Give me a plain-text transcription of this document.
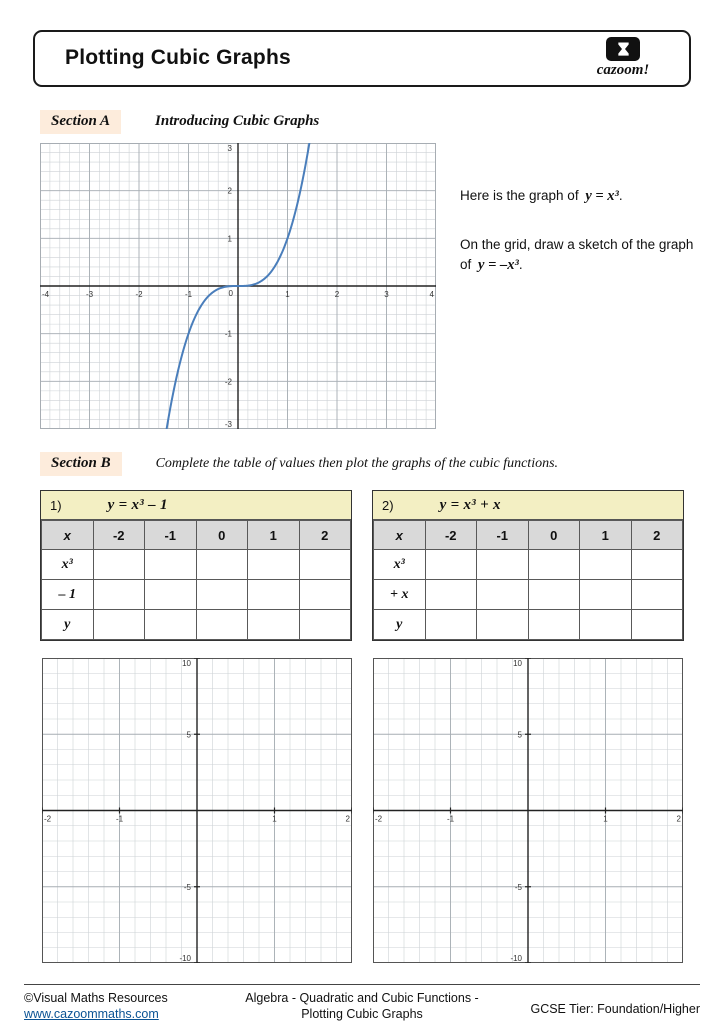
Plotting Cubic Graphs
cazoom!
Section A	Introducing Cubic Graphs
-4	-3	-2	-1	0	1	2	3	4
3
2
1
-1
-2
-3

Here is the graph of y = x³.

On the grid, draw a sketch of the graph of y = –x³.

Section B	Complete the table of values then plot the graphs of the cubic functions.
1)	y = x³ – 1
x	-2	-1	0	1	2
x³					
– 1					
y					
2)	y = x³ + x
x	-2	-1	0	1	2
x³					
+ x					
y					
-2	-1	1	2
10
5
-5
-10
-2	-1	1	2
10
5
-5
-10
©Visual Maths Resources
www.cazoommaths.com
Algebra - Quadratic and Cubic Functions -
Plotting Cubic Graphs	GCSE Tier: Foundation/Higher
